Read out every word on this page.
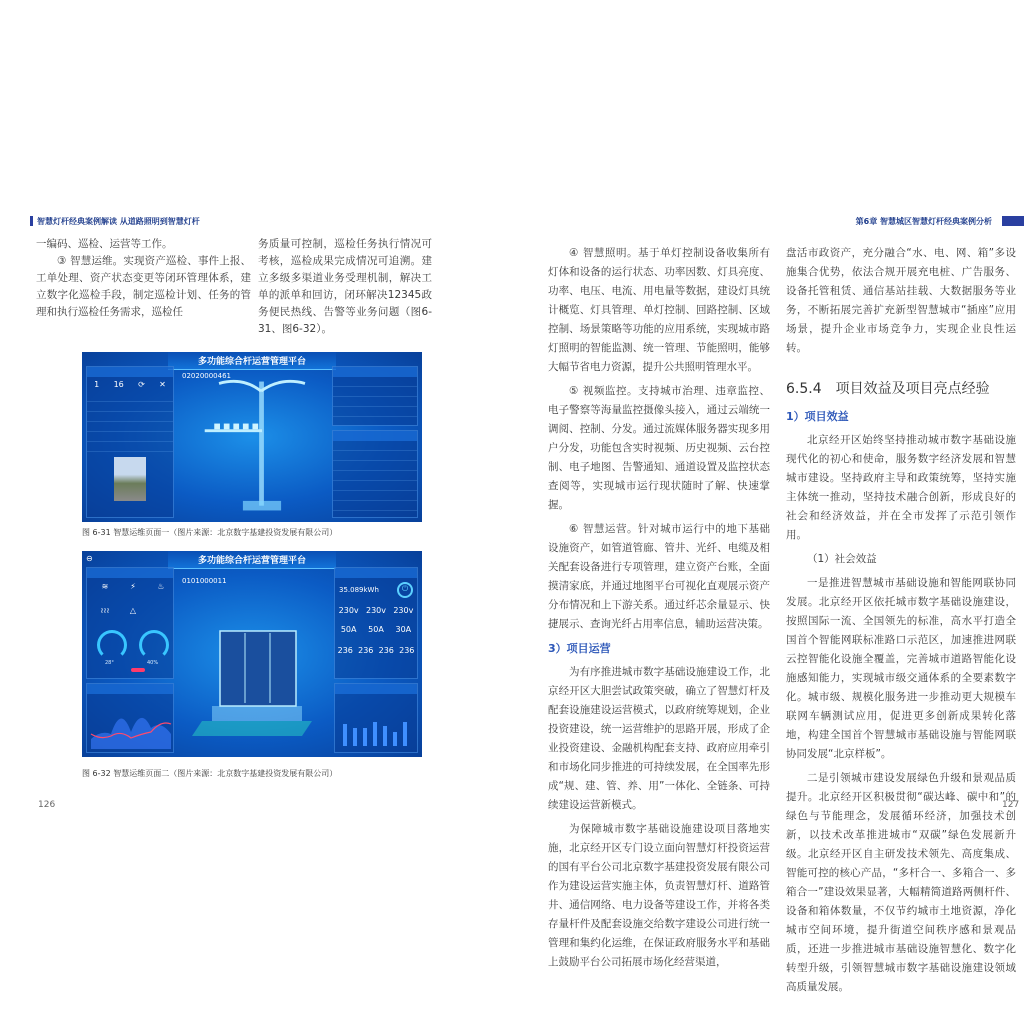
智慧灯杆经典案例解读 从道路照明到智慧灯杆

一编码、巡检、运营等工作。

③ 智慧运维。实现资产巡检、事件上报、工单处理、资产状态变更等闭环管理体系，建立数字化巡检手段，制定巡检计划、任务的管理和执行巡检任务需求，巡检任

务质量可控制，巡检任务执行情况可考核，巡检成果完成情况可追溯。建立多级多渠道业务受理机制，解决工单的派单和回访，闭环解决12345政务便民热线、告警等业务问题（图6-31、图6-32）。

多功能综合杆运营管理平台

1 16 ⟳ ✕
02020000461

图 6-31 智慧运维页面一（图片来源：北京数字基建投资发展有限公司）
多功能综合杆运营管理平台
⊖

≋	⚡	♨
≀≀≀	△
28°	40%

0101000011

35.089kWh	⏻
230v 230v 230v
50A 50A 30A
236 236 236 236

图 6-32 智慧运维页面二（图片来源：北京数字基建投资发展有限公司）
126
第6章 智慧城区智慧灯杆经典案例分析

④ 智慧照明。基于单灯控制设备收集所有灯体和设备的运行状态、功率因数、灯具亮度、功率、电压、电流、用电量等数据，建设灯具统计概览、灯具管理、单灯控制、回路控制、区域控制、场景策略等功能的应用系统，实现城市路灯照明的智能监测、统一管理、节能照明，能够大幅节省电力资源，提升公共照明管理水平。

⑤ 视频监控。支持城市治理、违章监控、电子警察等海量监控摄像头接入，通过云端统一调阅、控制、分发。通过流媒体服务器实现多用户分发，功能包含实时视频、历史视频、云台控制、电子地图、告警通知、通道设置及监控状态查阅等，实现城市运行现状随时了解、快速掌握。

⑥ 智慧运营。针对城市运行中的地下基础设施资产，如管道管廊、管井、光纤、电缆及相关配套设备进行专项管理，建立资产台账，全面摸清家底，并通过地图平台可视化直观展示资产分布情况和上下游关系。通过纤芯余量显示、快捷展示、查询光纤占用率信息，辅助运营决策。

3）项目运营

为有序推进城市数字基础设施建设工作，北京经开区大胆尝试政策突破，确立了智慧灯杆及配套设施建设运营模式，以政府统筹规划，企业投资建设，统一运营维护的思路开展，形成了企业投资建设、金融机构配套支持、政府应用牵引和市场化同步推进的可持续发展，在全国率先形成“规、建、管、养、用”一体化、全链条、可持续建设运营新模式。

为保障城市数字基础设施建设项目落地实施，北京经开区专门设立面向智慧灯杆投资运营的国有平台公司北京数字基建投资发展有限公司作为建设运营实施主体，负责智慧灯杆、道路管井、通信网络、电力设备等建设工作，并将各类存量杆件及配套设施交给数字建设公司进行统一管理和集约化运维，在保证政府服务水平和基础上鼓励平台公司拓展市场化经营渠道，

盘活市政资产，充分融合“水、电、网、箱”多设施集合优势，依法合规开展充电桩、广告服务、设备托管租赁、通信基站挂载、大数据服务等业务，不断拓展完善扩充新型智慧城市“插座”应用场景，提升企业市场竞争力，实现企业良性运转。

6.5.4　项目效益及项目亮点经验

1）项目效益

北京经开区始终坚持推动城市数字基础设施现代化的初心和使命，服务数字经济发展和智慧城市建设。坚持政府主导和政策统筹，坚持实施主体统一推动，坚持技术融合创新，形成良好的社会和经济效益，并在全市发挥了示范引领作用。

（1）社会效益

一是推进智慧城市基础设施和智能网联协同发展。北京经开区依托城市数字基础设施建设，按照国际一流、全国领先的标准，高水平打造全国首个智能网联标准路口示范区，加速推进网联云控智能化设施全覆盖，完善城市道路智能化设施感知能力，实现城市级交通体系的全要素数字化。城市级、规模化服务进一步推动更大规模车联网车辆测试应用，促进更多创新成果转化落地，构建全国首个智慧城市基础设施与智能网联协同发展“北京样板”。

二是引领城市建设发展绿色升级和景观品质提升。北京经开区积极贯彻“碳达峰、碳中和”的绿色与节能理念，发展循环经济，加强技术创新，以技术改革推进城市“双碳”绿色发展新升级。北京经开区自主研发技术领先、高度集成、智能可控的核心产品，“多杆合一、多箱合一、多箱合一”建设效果显著，大幅精简道路两侧杆件、设备和箱体数量，不仅节约城市土地资源，净化城市空间环境，提升街道空间秩序感和景观品质，还进一步推进城市基础设施智慧化、数字化转型升级，引领智慧城市数字基础设施建设领域高质量发展。

127
